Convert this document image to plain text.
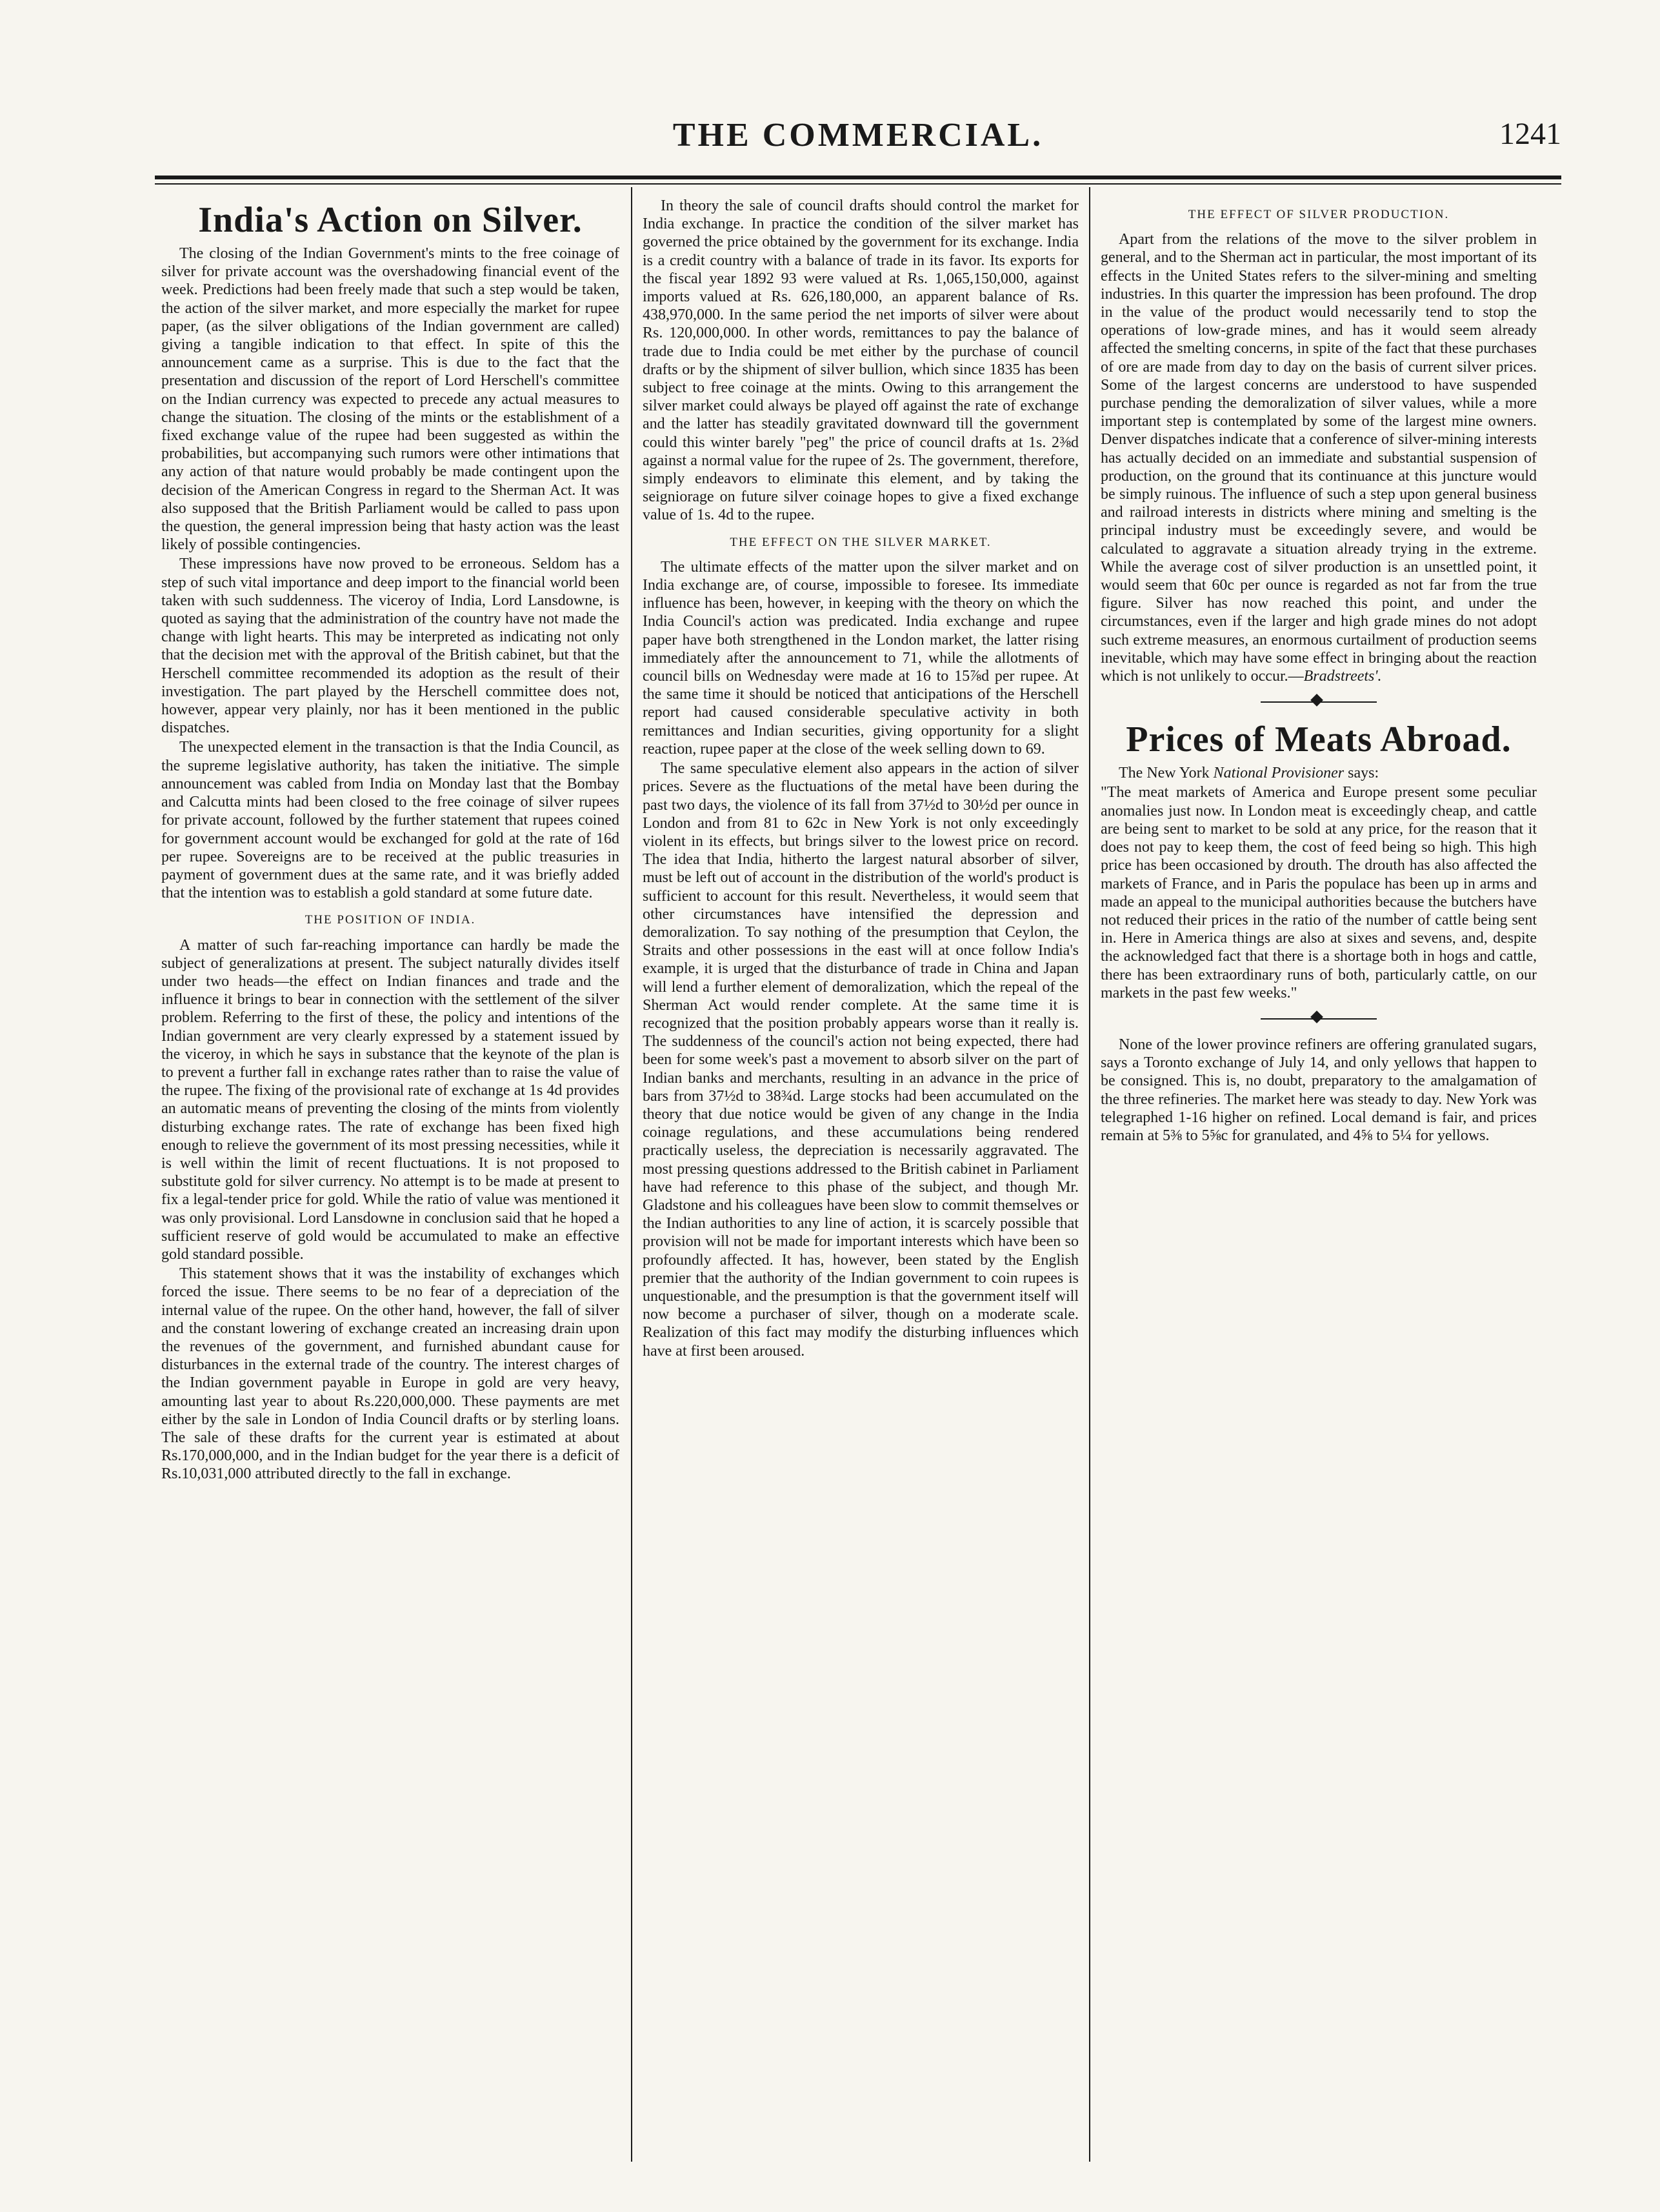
THE COMMERCIAL.	1241
India's Action on Silver.

The closing of the Indian Government's mints to the free coinage of silver for private account was the overshadowing financial event of the week. Predictions had been freely made that such a step would be taken, the action of the silver market, and more especially the market for rupee paper, (as the silver obligations of the Indian government are called) giving a tangible indication to that effect. In spite of this the announcement came as a surprise. This is due to the fact that the presentation and discussion of the report of Lord Herschell's committee on the Indian currency was expected to precede any actual measures to change the situation. The closing of the mints or the establishment of a fixed exchange value of the rupee had been suggested as within the probabilities, but accompanying such rumors were other intimations that any action of that nature would probably be made contingent upon the decision of the American Congress in regard to the Sherman Act. It was also supposed that the British Parliament would be called to pass upon the question, the general impression being that hasty action was the least likely of possible contingencies.

These impressions have now proved to be erroneous. Seldom has a step of such vital importance and deep import to the financial world been taken with such suddenness. The viceroy of India, Lord Lansdowne, is quoted as saying that the administration of the country have not made the change with light hearts. This may be interpreted as indicating not only that the decision met with the approval of the British cabinet, but that the Herschell committee recommended its adoption as the result of their investigation. The part played by the Herschell committee does not, however, appear very plainly, nor has it been mentioned in the public dispatches.

The unexpected element in the transaction is that the India Council, as the supreme legislative authority, has taken the initiative. The simple announcement was cabled from India on Monday last that the Bombay and Calcutta mints had been closed to the free coinage of silver rupees for private account, followed by the further statement that rupees coined for government account would be exchanged for gold at the rate of 16d per rupee. Sovereigns are to be received at the public treasuries in payment of government dues at the same rate, and it was briefly added that the intention was to establish a gold standard at some future date.

THE POSITION OF INDIA.

A matter of such far-reaching importance can hardly be made the subject of generalizations at present. The subject naturally divides itself under two heads—the effect on Indian finances and trade and the influence it brings to bear in connection with the settlement of the silver problem. Referring to the first of these, the policy and intentions of the Indian government are very clearly expressed by a statement issued by the viceroy, in which he says in substance that the keynote of the plan is to prevent a further fall in exchange rates rather than to raise the value of the rupee. The fixing of the provisional rate of exchange at 1s 4d provides an automatic means of preventing the closing of the mints from violently disturbing exchange rates. The rate of exchange has been fixed high enough to relieve the government of its most pressing necessities, while it is well within the limit of recent fluctuations. It is not proposed to substitute gold for silver currency. No attempt is to be made at present to fix a legal-tender price for gold. While the ratio of value was mentioned it was only provisional. Lord Lansdowne in conclusion said that he hoped a sufficient reserve of gold would be accumulated to make an effective gold standard possible.

This statement shows that it was the instability of exchanges which forced the issue. There seems to be no fear of a depreciation of the internal value of the rupee. On the other hand, however, the fall of silver and the constant lowering of exchange created an increasing drain upon the revenues of the government, and furnished abundant cause for disturbances in the external trade of the country. The interest charges of the Indian government payable in Europe in gold are very heavy, amounting last year to about Rs.220,000,000. These payments are met either by the sale in London of India Council drafts or by sterling loans. The sale of these drafts for the current year is estimated at about Rs.170,000,000, and in the Indian budget for the year there is a deficit of Rs.10,031,000 attributed directly to the fall in exchange.

In theory the sale of council drafts should control the market for India exchange. In practice the condition of the silver market has governed the price obtained by the government for its exchange. India is a credit country with a balance of trade in its favor. Its exports for the fiscal year 1892 93 were valued at Rs. 1,065,150,000, against imports valued at Rs. 626,180,000, an apparent balance of Rs. 438,970,000. In the same period the net imports of silver were about Rs. 120,000,000. In other words, remittances to pay the balance of trade due to India could be met either by the purchase of council drafts or by the shipment of silver bullion, which since 1835 has been subject to free coinage at the mints. Owing to this arrangement the silver market could always be played off against the rate of exchange and the latter has steadily gravitated downward till the government could this winter barely "peg" the price of council drafts at 1s. 2⅜d against a normal value for the rupee of 2s. The government, therefore, simply endeavors to eliminate this element, and by taking the seigniorage on future silver coinage hopes to give a fixed exchange value of 1s. 4d to the rupee.

THE EFFECT ON THE SILVER MARKET.

The ultimate effects of the matter upon the silver market and on India exchange are, of course, impossible to foresee. Its immediate influence has been, however, in keeping with the theory on which the India Council's action was predicated. India exchange and rupee paper have both strengthened in the London market, the latter rising immediately after the announcement to 71, while the allotments of council bills on Wednesday were made at 16 to 15⅞d per rupee. At the same time it should be noticed that anticipations of the Herschell report had caused considerable speculative activity in both remittances and Indian securities, giving opportunity for a slight reaction, rupee paper at the close of the week selling down to 69.

The same speculative element also appears in the action of silver prices. Severe as the fluctuations of the metal have been during the past two days, the violence of its fall from 37½d to 30½d per ounce in London and from 81 to 62c in New York is not only exceedingly violent in its effects, but brings silver to the lowest price on record. The idea that India, hitherto the largest natural absorber of silver, must be left out of account in the distribution of the world's product is sufficient to account for this result. Nevertheless, it would seem that other circumstances have intensified the depression and demoralization. To say nothing of the presumption that Ceylon, the Straits and other possessions in the east will at once follow India's example, it is urged that the disturbance of trade in China and Japan will lend a further element of demoralization, which the repeal of the Sherman Act would render complete. At the same time it is recognized that the position probably appears worse than it really is. The suddenness of the council's action not being expected, there had been for some week's past a movement to absorb silver on the part of Indian banks and merchants, resulting in an advance in the price of bars from 37½d to 38¾d. Large stocks had been accumulated on the theory that due notice would be given of any change in the India coinage regulations, and these accumulations being rendered practically useless, the depreciation is necessarily aggravated. The most pressing questions addressed to the British cabinet in Parliament have had reference to this phase of the subject, and though Mr. Gladstone and his colleagues have been slow to commit themselves or the Indian authorities to any line of action, it is scarcely possible that provision will not be made for important interests which have been so profoundly affected. It has, however, been stated by the English premier that the authority of the Indian government to coin rupees is unquestionable, and the presumption is that the government itself will now become a purchaser of silver, though on a moderate scale. Realization of this fact may modify the disturbing influences which have at first been aroused.

THE EFFECT OF SILVER PRODUCTION.

Apart from the relations of the move to the silver problem in general, and to the Sherman act in particular, the most important of its effects in the United States refers to the silver-mining and smelting industries. In this quarter the impression has been profound. The drop in the value of the product would necessarily tend to stop the operations of low-grade mines, and has it would seem already affected the smelting concerns, in spite of the fact that these purchases of ore are made from day to day on the basis of current silver prices. Some of the largest concerns are understood to have suspended purchase pending the demoralization of silver values, while a more important step is contemplated by some of the largest mine owners. Denver dispatches indicate that a conference of silver-mining interests has actually decided on an immediate and substantial suspension of production, on the ground that its continuance at this juncture would be simply ruinous. The influence of such a step upon general business and railroad interests in districts where mining and smelting is the principal industry must be exceedingly severe, and would be calculated to aggravate a situation already trying in the extreme. While the average cost of silver production is an unsettled point, it would seem that 60c per ounce is regarded as not far from the true figure. Silver has now reached this point, and under the circumstances, even if the larger and high grade mines do not adopt such extreme measures, an enormous curtailment of production seems inevitable, which may have some effect in bringing about the reaction which is not unlikely to occur.—Bradstreets'.

Prices of Meats Abroad.

The New York National Provisioner says:

"The meat markets of America and Europe present some peculiar anomalies just now. In London meat is exceedingly cheap, and cattle are being sent to market to be sold at any price, for the reason that it does not pay to keep them, the cost of feed being so high. This high price has been occasioned by drouth. The drouth has also affected the markets of France, and in Paris the populace has been up in arms and made an appeal to the municipal authorities because the butchers have not reduced their prices in the ratio of the number of cattle being sent in. Here in America things are also at sixes and sevens, and, despite the acknowledged fact that there is a shortage both in hogs and cattle, there has been extraordinary runs of both, particularly cattle, on our markets in the past few weeks."

None of the lower province refiners are offering granulated sugars, says a Toronto exchange of July 14, and only yellows that happen to be consigned. This is, no doubt, preparatory to the amalgamation of the three refineries. The market here was steady to day. New York was telegraphed 1-16 higher on refined. Local demand is fair, and prices remain at 5⅜ to 5⅝c for granulated, and 4⅝ to 5¼ for yellows.
